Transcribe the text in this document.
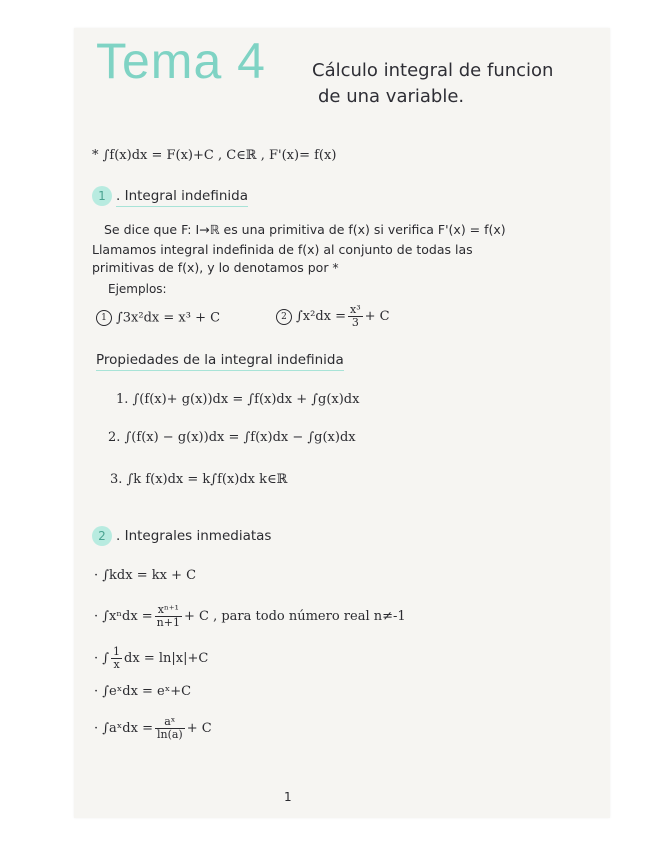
Tema 4	Cálculo integral de funcion
de una variable.
* ∫f(x)dx = F(x)+C , C∈ℝ , F'(x)= f(x)
1 . Integral indefinida
Se dice que F: I→ℝ es una primitiva de f(x) si verifica F'(x) = f(x)
Llamamos integral indefinida de f(x) al conjunto de todas las
primitivas de f(x), y lo denotamos por *
Ejemplos:
1 ∫3x²dx = x³ + C	2 $\int x^2dx = \frac{\text{x³}}{3} + C$
Propiedades de la integral indefinida
1. ∫(f(x)+ g(x))dx = ∫f(x)dx + ∫g(x)dx
2. ∫(f(x) − g(x))dx = ∫f(x)dx − ∫g(x)dx
3. ∫k f(x)dx = k∫f(x)dx k∈ℝ
2 . Integrales inmediatas
· ∫kdx = kx + C
· $\int x^ndx = \frac{\text{xⁿ⁺¹}}{n+1} + C$ , para todo número real n≠-1
· ∫ $\frac{1}{x}$ dx = ln|x|+C
· ∫eˣdx = eˣ+C
· ∫aˣdx = $\frac{\text{aˣ}}{\ln(a)} + C$
1
